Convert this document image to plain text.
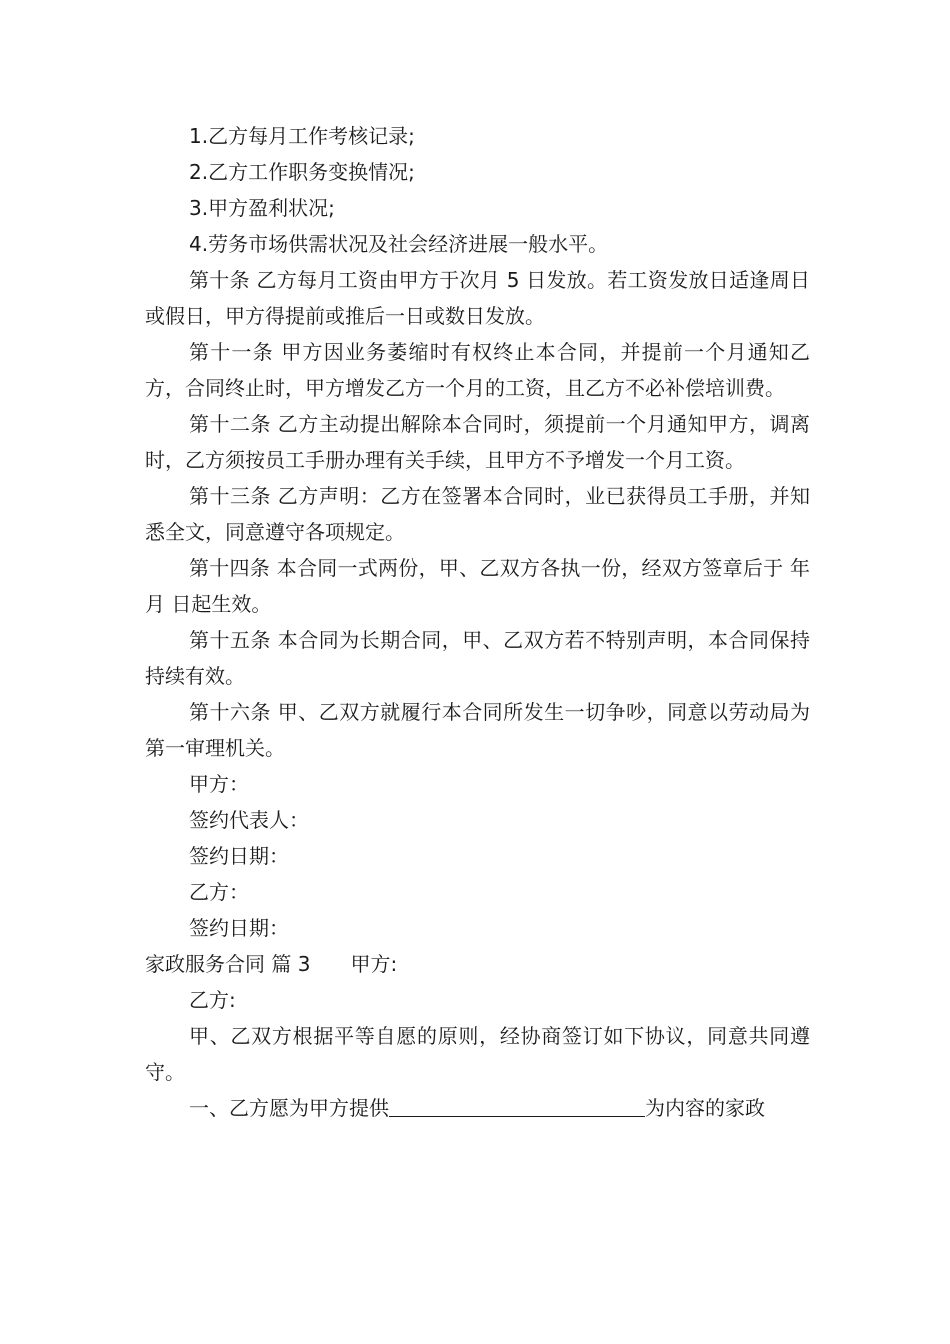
1.乙方每月工作考核记录;

2.乙方工作职务变换情况;

3.甲方盈利状况;

4.劳务市场供需状况及社会经济进展一般水平。

第十条 乙方每月工资由甲方于次月 5 日发放。若工资发放日适逢周日或假日，甲方得提前或推后一日或数日发放。

第十一条 甲方因业务萎缩时有权终止本合同，并提前一个月通知乙方，合同终止时，甲方增发乙方一个月的工资，且乙方不必补偿培训费。

第十二条 乙方主动提出解除本合同时，须提前一个月通知甲方，调离时，乙方须按员工手册办理有关手续，且甲方不予增发一个月工资。

第十三条 乙方声明：乙方在签署本合同时，业已获得员工手册，并知悉全文，同意遵守各项规定。

第十四条 本合同一式两份，甲、乙双方各执一份，经双方签章后于 年 月 日起生效。

第十五条 本合同为长期合同，甲、乙双方若不特别声明，本合同保持持续有效。

第十六条 甲、乙双方就履行本合同所发生一切争吵，同意以劳动局为第一审理机关。

甲方：

签约代表人：

签约日期：

乙方：

签约日期：

家政服务合同 篇 3 甲方:

乙方:

甲、乙双方根据平等自愿的原则，经协商签订如下协议，同意共同遵守。

一、乙方愿为甲方提供	为内容的家政
